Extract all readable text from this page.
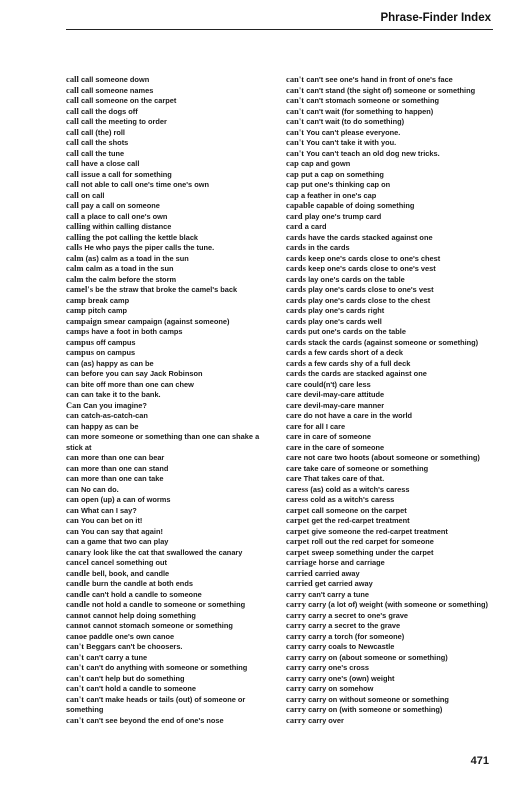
Phrase-Finder Index
call call someone down
call call someone names
call call someone on the carpet
call call the dogs off
call call the meeting to order
call call (the) roll
call call the shots
call call the tune
call have a close call
call issue a call for something
call not able to call one's time one's own
call on call
call pay a call on someone
call a place to call one's own
calling within calling distance
calling the pot calling the kettle black
calls He who pays the piper calls the tune.
calm (as) calm as a toad in the sun
calm calm as a toad in the sun
calm the calm before the storm
camel's be the straw that broke the camel's back
camp break camp
camp pitch camp
campaign smear campaign (against someone)
camps have a foot in both camps
campus off campus
campus on campus
can (as) happy as can be
can before you can say Jack Robinson
can bite off more than one can chew
can can take it to the bank.
Can Can you imagine?
can catch-as-catch-can
can happy as can be
can more someone or something than one can shake a stick at
can more than one can bear
can more than one can stand
can more than one can take
can No can do.
can open (up) a can of worms
can What can I say?
can You can bet on it!
can You can say that again!
can a game that two can play
canary look like the cat that swallowed the canary
cancel cancel something out
candle bell, book, and candle
candle burn the candle at both ends
candle can't hold a candle to someone
candle not hold a candle to someone or something
cannot cannot help doing something
cannot cannot stomach someone or something
canoe paddle one's own canoe
can't Beggars can't be choosers.
can't can't carry a tune
can't can't do anything with someone or something
can't can't help but do something
can't can't hold a candle to someone
can't can't make heads or tails (out) of someone or something
can't can't see beyond the end of one's nose
can't can't see one's hand in front of one's face
can't can't stand (the sight of) someone or something
can't can't stomach someone or something
can't can't wait (for something to happen)
can't can't wait (to do something)
can't You can't please everyone.
can't You can't take it with you.
can't You can't teach an old dog new tricks.
cap cap and gown
cap put a cap on something
cap put one's thinking cap on
cap a feather in one's cap
capable capable of doing something
card play one's trump card
card a card
cards have the cards stacked against one
cards in the cards
cards keep one's cards close to one's chest
cards keep one's cards close to one's vest
cards lay one's cards on the table
cards play one's cards close to one's vest
cards play one's cards close to the chest
cards play one's cards right
cards play one's cards well
cards put one's cards on the table
cards stack the cards (against someone or something)
cards a few cards short of a deck
cards a few cards shy of a full deck
cards the cards are stacked against one
care could(n't) care less
care devil-may-care attitude
care devil-may-care manner
care do not have a care in the world
care for all I care
care in care of someone
care in the care of someone
care not care two hoots (about someone or something)
care take care of someone or something
care That takes care of that.
caress (as) cold as a witch's caress
caress cold as a witch's caress
carpet call someone on the carpet
carpet get the red-carpet treatment
carpet give someone the red-carpet treatment
carpet roll out the red carpet for someone
carpet sweep something under the carpet
carriage horse and carriage
carried carried away
carried get carried away
carry can't carry a tune
carry carry (a lot of) weight (with someone or something)
carry carry a secret to one's grave
carry carry a secret to the grave
carry carry a torch (for someone)
carry carry coals to Newcastle
carry carry on (about someone or something)
carry carry one's cross
carry carry one's (own) weight
carry carry on somehow
carry carry on without someone or something
carry carry on (with someone or something)
carry carry over
471
